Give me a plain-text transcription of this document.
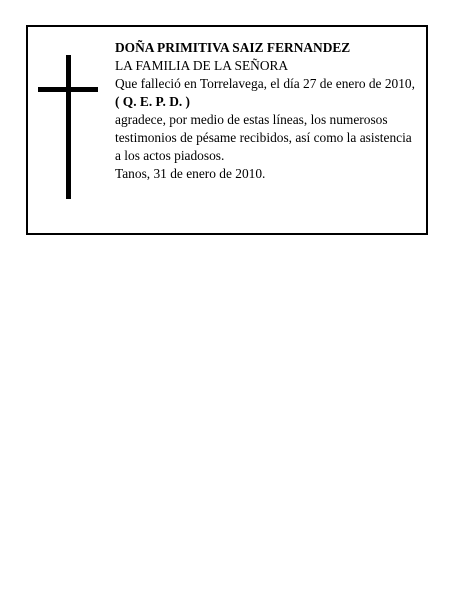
DOÑA PRIMITIVA SAIZ FERNANDEZ
LA FAMILIA DE LA SEÑORA
Que falleció en Torrelavega, el día 27 de enero de 2010,
( Q. E. P. D. )
agradece, por medio de estas líneas, los numerosos
testimonios de pésame recibidos, así como la asistencia
a los actos piadosos.
Tanos, 31 de enero de 2010.
